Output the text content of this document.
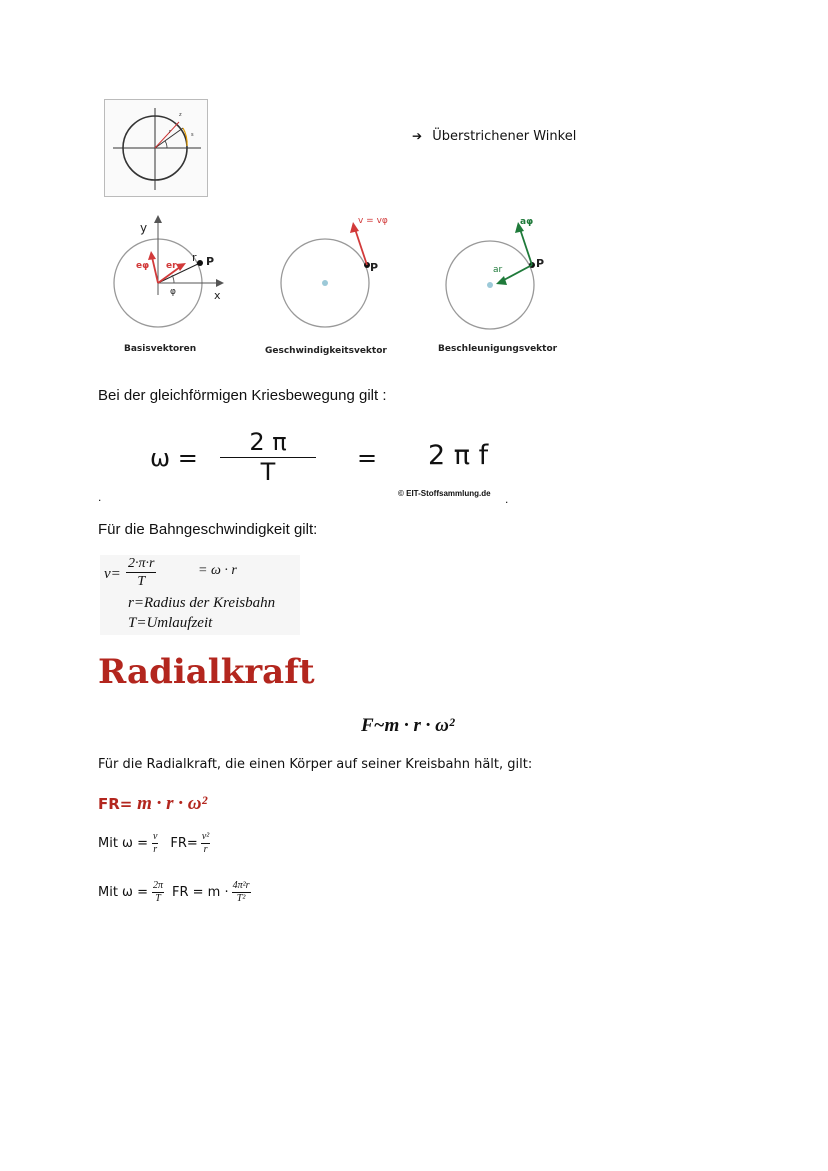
z
r	s	➔ Überstrichener Winkel
y
x
r P
eφ er
φ
Basisvektoren
v = vφ
P
Geschwindigkeitsvektor
aφ
ar	P
Beschleunigungsvektor
Bei der gleichförmigen Kriesbewegung gilt :
$\omega = \frac{2 \pi}{T} = 2$ π f
© EIT-Stoffsammlung.de
.	.
Für die Bahngeschwindigkeit gilt:
$v= \frac{2\cdot\pi\cdot r}{T}$	= ω · r
r=Radius der Kreisbahn
T=Umlaufzeit
Radialkraft
F~m · r · ω²
Für die Radialkraft, die einen Körper auf seiner Kreisbahn hält, gilt:
FR= m · r · ω²
Mit $\omega = \frac{v}{r} FR= \frac{\text{v²}}{r}$
Mit $\omega = \frac{2\pi}{T}$ FR = $m \cdot \frac{\text{4π²r}}{\text{T²}}$
